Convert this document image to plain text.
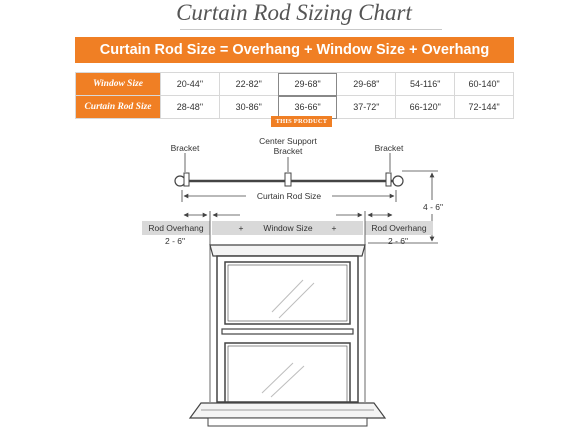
Curtain Rod Sizing Chart
Curtain Rod Size = Overhang + Window Size + Overhang
Window Size	20-44"	22-82"	29-68"	29-68"	54-116"	60-140"
Curtain Rod Size	28-48"	30-86"	36-66"	37-72"	66-120"	72-144"
THIS PRODUCT
Bracket
Center Support
Bracket	Bracket
Curtain Rod Size
4 - 6"
Rod Overhang	+	Window Size	+	Rod Overhang
2 - 6"	2 - 6"
